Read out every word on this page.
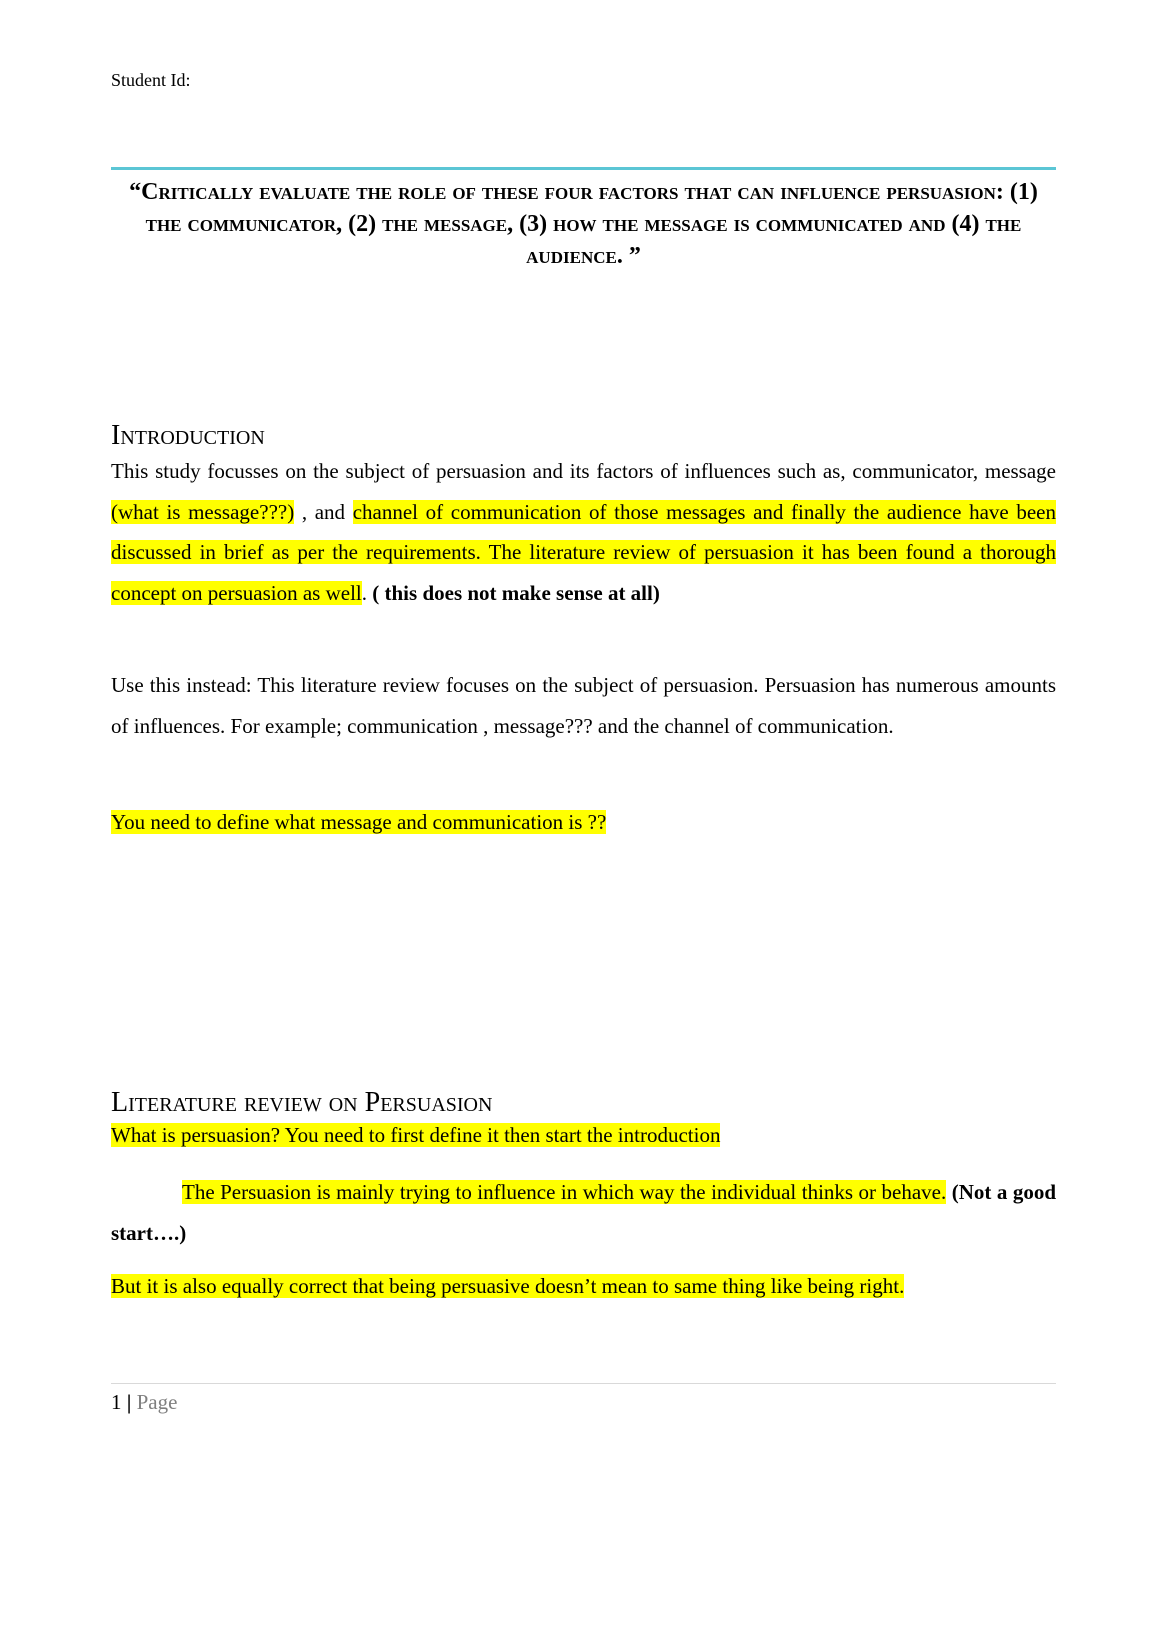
Student Id:
“Critically evaluate the role of these four factors that can influence persuasion: (1) the communicator, (2) the message, (3) how the message is communicated and (4) the audience. ”
Introduction
This study focusses on the subject of persuasion and its factors of influences such as, communicator, message (what is message???) , and channel of communication of those messages and finally the audience have been discussed in brief as per the requirements. The literature review of persuasion it has been found a thorough concept on persuasion as well. ( this does not make sense at all)
Use this instead: This literature review focuses on the subject of persuasion. Persuasion has numerous amounts of influences. For example; communication , message??? and the channel of communication.
You need to define what message and communication is ??
Literature review on Persuasion
What is persuasion? You need to first define it then start the introduction
The Persuasion is mainly trying to influence in which way the individual thinks or behave. (Not a good start….)
But it is also equally correct that being persuasive doesn’t mean to same thing like being right.
1 | Page
